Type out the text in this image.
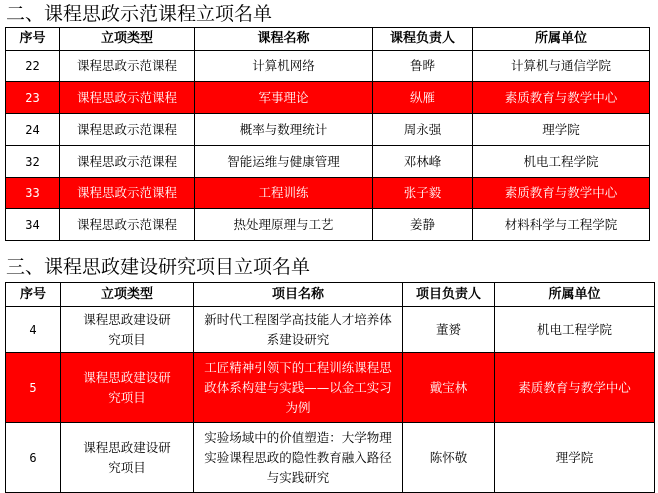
二、课程思政示范课程立项名单
序号	立项类型	课程名称	课程负责人	所属单位
22	课程思政示范课程	计算机网络	鲁晔	计算机与通信学院
23	课程思政示范课程	军事理论	纵雁	素质教育与教学中心
24	课程思政示范课程	概率与数理统计	周永强	理学院
32	课程思政示范课程	智能运维与健康管理	邓林峰	机电工程学院
33	课程思政示范课程	工程训练	张子毅	素质教育与教学中心
34	课程思政示范课程	热处理原理与工艺	姜静	材料科学与工程学院
三、课程思政建设研究项目立项名单
序号	立项类型	项目名称	项目负责人	所属单位
4	课程思政建设研究项目	新时代工程图学高技能人才培养体系建设研究	董赟	机电工程学院
5	课程思政建设研究项目	工匠精神引领下的工程训练课程思政体系构建与实践——以金工实习为例	戴宝林	素质教育与教学中心
6	课程思政建设研究项目	实验场域中的价值塑造：大学物理实验课程思政的隐性教育融入路径与实践研究	陈怀敬	理学院
